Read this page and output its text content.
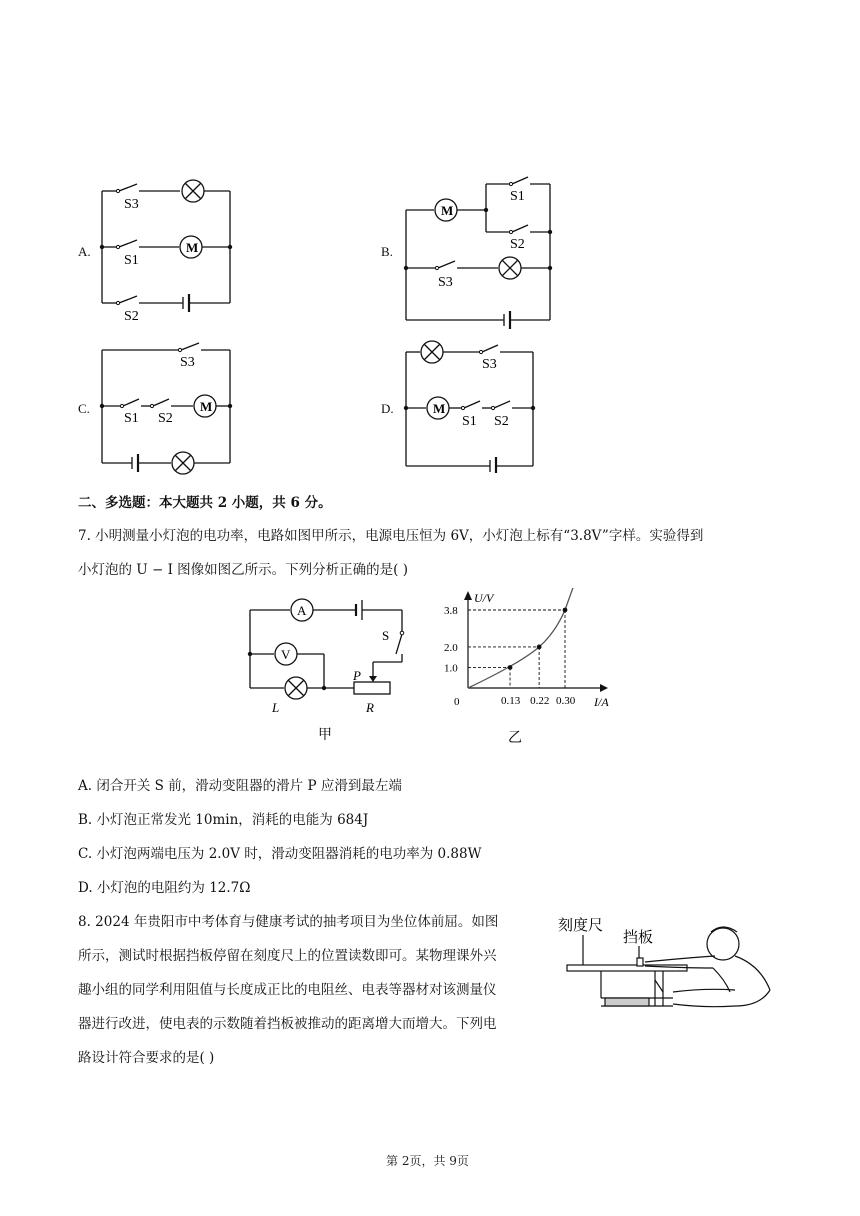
A.
S3
S1
S2
M	B.
S1
S2
S3
M
C.
S3
S1 S2
M	D.
S3
S1 S2
M
二、多选题：本大题共 2 小题，共 6 分。
7. 小明测量小灯泡的电功率，电路如图甲所示，电源电压恒为 6V，小灯泡上标有“3.8V”字样。实验得到
小灯泡的 U − I 图像如图乙所示。下列分析正确的是( )
A
V
S
P
R
L
甲
0.13
1.0
0.22
2.0
0.30
3.8
U/V
I/A
0
乙
A. 闭合开关 S 前，滑动变阻器的滑片 P 应滑到最左端
B. 小灯泡正常发光 10min，消耗的电能为 684J
C. 小灯泡两端电压为 2.0V 时，滑动变阻器消耗的电功率为 0.88W
D. 小灯泡的电阻约为 12.7Ω
8. 2024 年贵阳市中考体育与健康考试的抽考项目为坐位体前屈。如图
所示，测试时根据挡板停留在刻度尺上的位置读数即可。某物理课外兴
趣小组的同学利用阻值与长度成正比的电阻丝、电表等器材对该测量仪
器进行改进，使电表的示数随着挡板被推动的距离增大而增大。下列电
路设计符合要求的是( )
刻度尺
挡板
第 2页，共 9页
